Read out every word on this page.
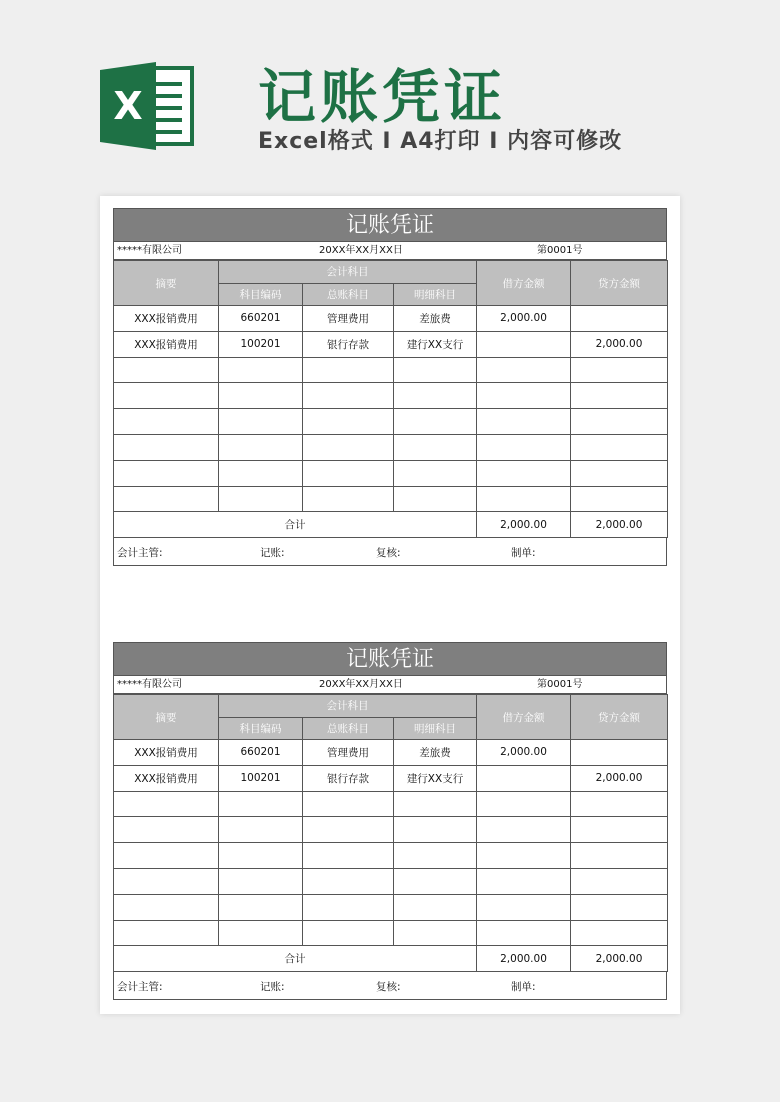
X 记账凭证
Excel格式 I A4打印 I 内容可修改
记账凭证
*****有限公司	20XX年XX月XX日	第0001号
摘要	会计科目			借方金额	贷方金额
	科目编码	总账科目	明细科目		
XXX报销费用	660201	管理费用	差旅费	2,000.00	
XXX报销费用	100201	银行存款	建行XX支行		2,000.00

合计				2,000.00	2,000.00
会计主管:	记账:	复核:	制单:
记账凭证
*****有限公司	20XX年XX月XX日	第0001号
摘要	会计科目			借方金额	贷方金额
	科目编码	总账科目	明细科目		
XXX报销费用	660201	管理费用	差旅费	2,000.00	
XXX报销费用	100201	银行存款	建行XX支行		2,000.00

合计				2,000.00	2,000.00
会计主管:	记账:	复核:	制单:
